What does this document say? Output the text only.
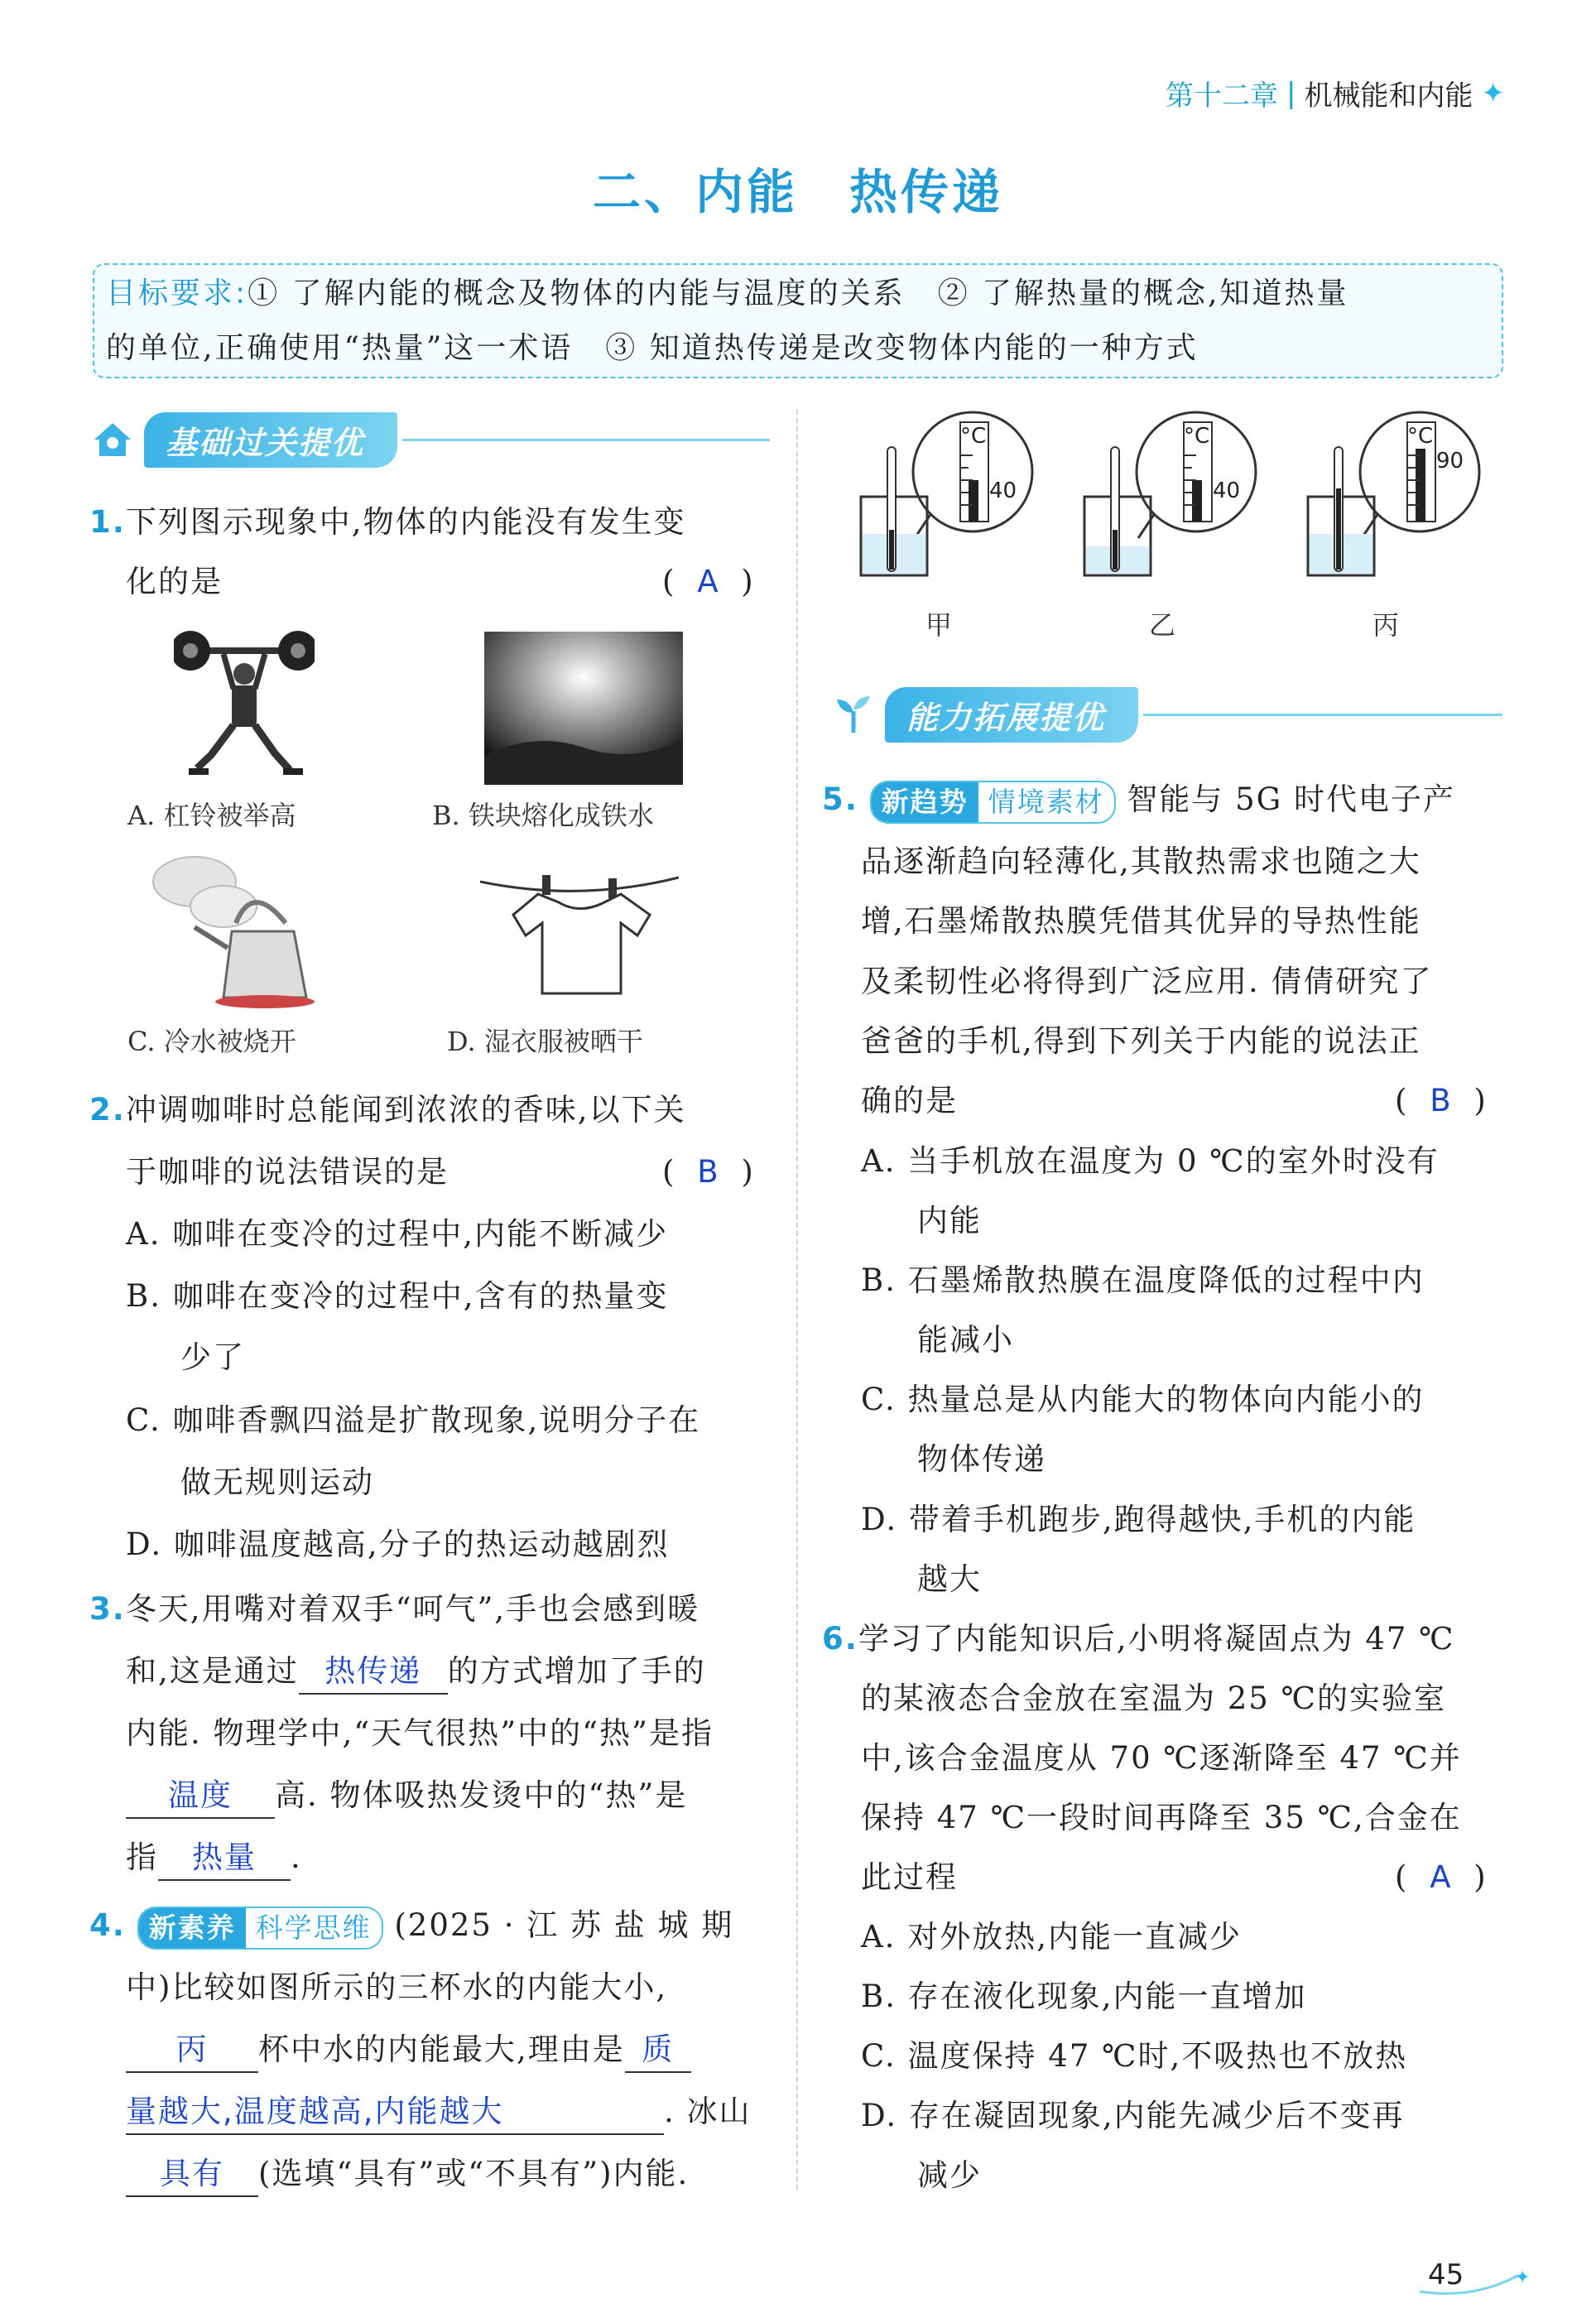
第十二章 | 机械能和内能 ✦
二、内能　热传递
目标要求:① 了解内能的概念及物体的内能与温度的关系　② 了解热量的概念,知道热量
的单位,正确使用“热量”这一术语　③ 知道热传递是改变物体内能的一种方式
基础过关提优
1.下列图示现象中,物体的内能没有发生变
化的是	( A )
A. 杠铃被举高	B. 铁块熔化成铁水
C. 冷水被烧开	D. 湿衣服被晒干
2.冲调咖啡时总能闻到浓浓的香味,以下关
于咖啡的说法错误的是	( B )
A. 咖啡在变冷的过程中,内能不断减少
B. 咖啡在变冷的过程中,含有的热量变
少了
C. 咖啡香飘四溢是扩散现象,说明分子在
做无规则运动
D. 咖啡温度越高,分子的热运动越剧烈
3.冬天,用嘴对着双手“呵气”,手也会感到暖
和,这是通过 热传递 的方式增加了手的
内能. 物理学中,“天气很热”中的“热”是指
温度 高. 物体吸热发烫中的“热”是
指 热量 .
4. 新素养 科学思维 (2025 · 江 苏 盐 城 期
中)比较如图所示的三杯水的内能大小,
丙 杯中水的内能最大,理由是 质
量越大,温度越高,内能越大	. 冰山
具有 (选填“具有”或“不具有”)内能.
°C
40
甲
°C
40
乙
°C
90
丙
能力拓展提优
5. 新趋势 情境素材 智能与 5G 时代电子产
品逐渐趋向轻薄化,其散热需求也随之大
增,石墨烯散热膜凭借其优异的导热性能
及柔韧性必将得到广泛应用. 倩倩研究了
爸爸的手机,得到下列关于内能的说法正
确的是	( B )
A. 当手机放在温度为 0 ℃的室外时没有
内能
B. 石墨烯散热膜在温度降低的过程中内
能减小
C. 热量总是从内能大的物体向内能小的
物体传递
D. 带着手机跑步,跑得越快,手机的内能
越大
6.学习了内能知识后,小明将凝固点为 47 ℃
的某液态合金放在室温为 25 ℃的实验室
中,该合金温度从 70 ℃逐渐降至 47 ℃并
保持 47 ℃一段时间再降至 35 ℃,合金在
此过程	( A )
A. 对外放热,内能一直减少
B. 存在液化现象,内能一直增加
C. 温度保持 47 ℃时,不吸热也不放热
D. 存在凝固现象,内能先减少后不变再
减少
✦
45
